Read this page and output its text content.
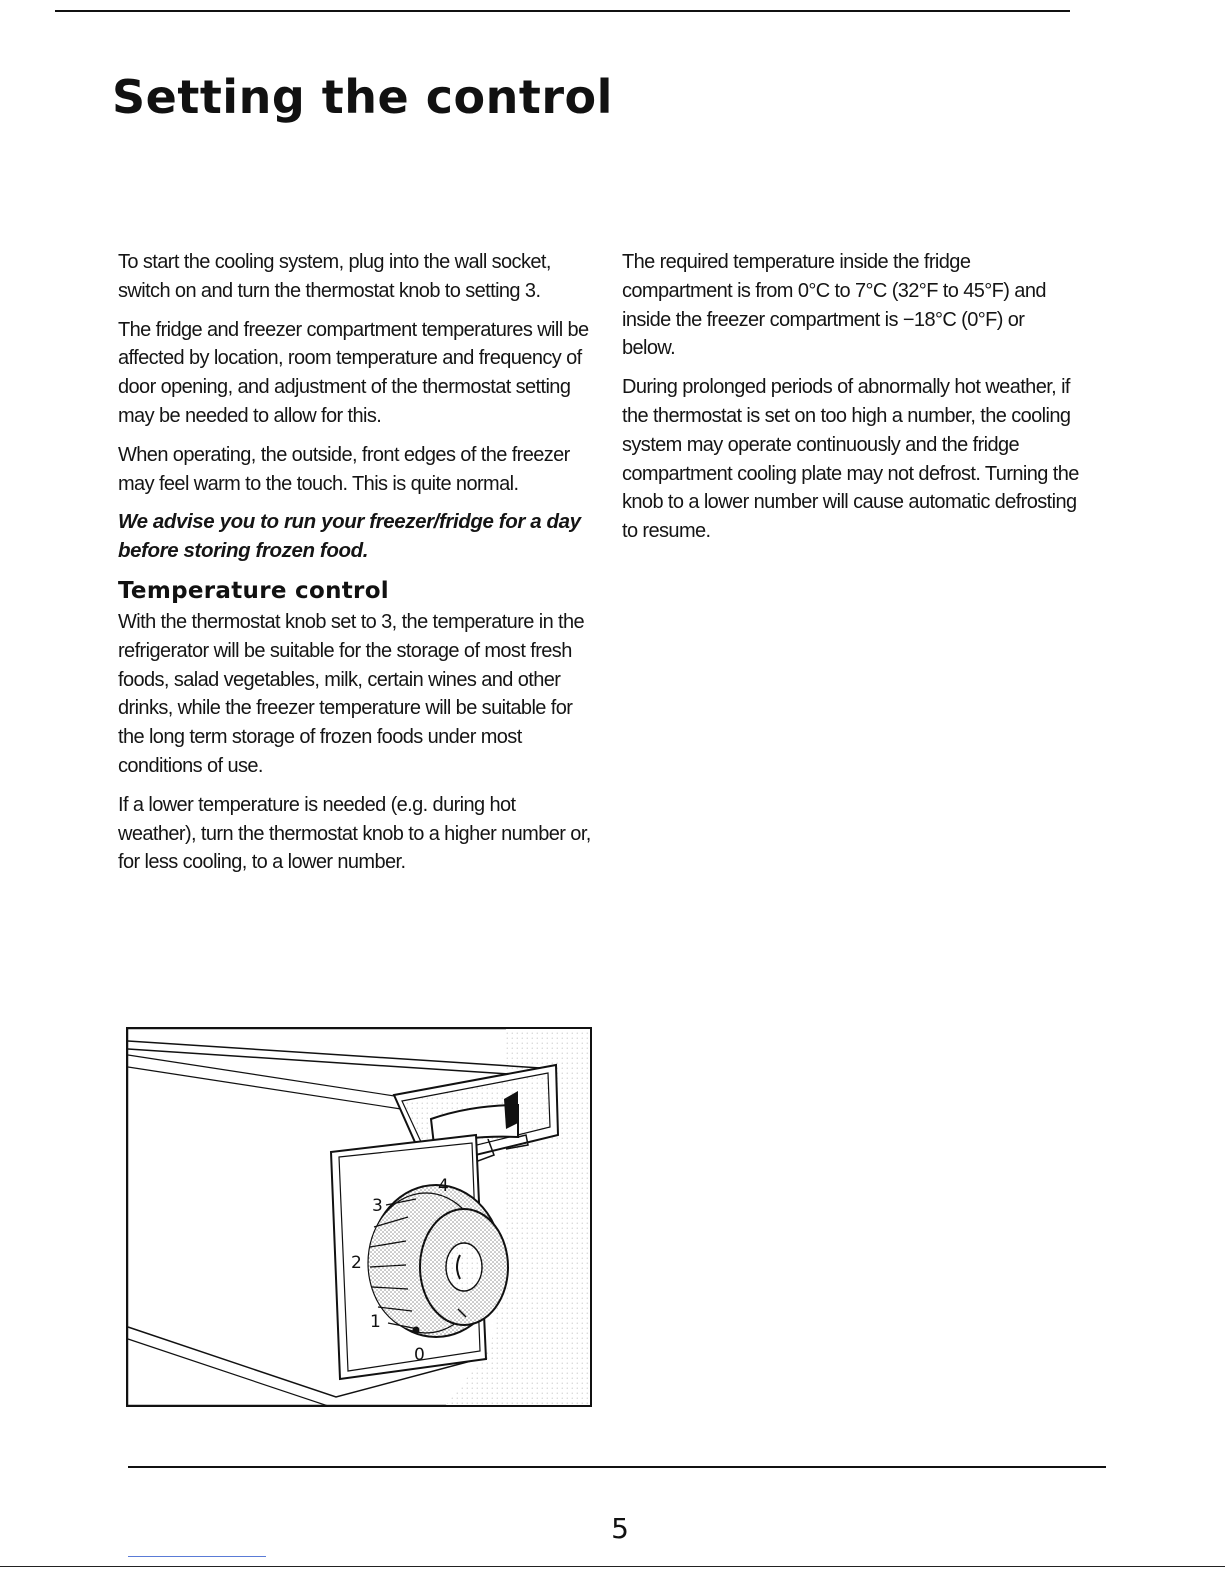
Setting the control

To start the cooling system, plug into the wall socket, switch on and turn the thermostat knob to setting 3.

The fridge and freezer compartment temperatures will be affected by location, room temperature and frequency of door opening, and adjustment of the thermostat setting may be needed to allow for this.

When operating, the outside, front edges of the freezer may feel warm to the touch. This is quite normal.

We advise you to run your freezer/fridge for a day before storing frozen food.

Temperature control

With the thermostat knob set to 3, the temperature in the refrigerator will be suitable for the storage of most fresh foods, salad vegetables, milk, certain wines and other drinks, while the freezer temperature will be suitable for the long term storage of frozen foods under most conditions of use.

If a lower temperature is needed (e.g. during hot weather), turn the thermostat knob to a higher number or, for less cooling, to a lower number.

The required temperature inside the fridge compartment is from 0°C to 7°C (32°F to 45°F) and inside the freezer compartment is −18°C (0°F) or below.

During prolonged periods of abnormally hot weather, if the thermostat is set on too high a number, the cooling system may operate continuously and the fridge compartment cooling plate may not defrost. Turning the knob to a lower number will cause automatic defrosting to resume.

0
1
2
3
4
5
